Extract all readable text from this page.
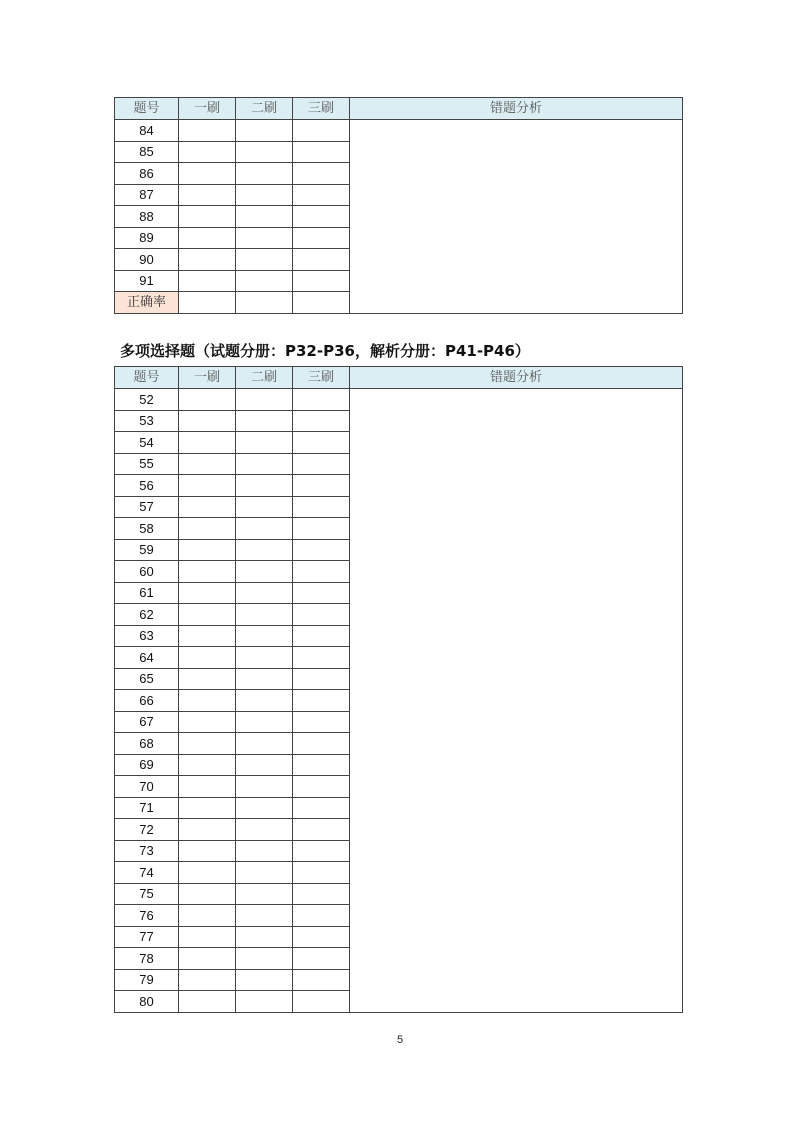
题号	一刷	二刷	三刷	错题分析
84				
85				
86				
87				
88				
89				
90				
91				
正确率				
多项选择题（试题分册：P32-P36，解析分册：P41-P46）
题号	一刷	二刷	三刷	错题分析
52				
53				
54				
55				
56				
57				
58				
59				
60				
61				
62				
63				
64				
65				
66				
67				
68				
69				
70				
71				
72				
73				
74				
75				
76				
77				
78				
79				
80				
5
